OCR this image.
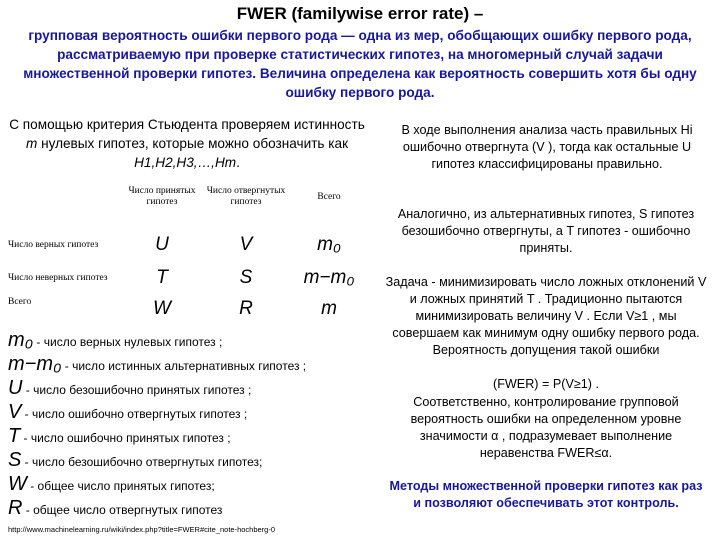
FWER (familywise error rate) –
групповая вероятность ошибки первого рода — одна из мер, обобщающих ошибку первого рода, рассматриваемую при проверке статистических гипотез, на многомерный случай задачи множественной проверки гипотез. Величина определена как вероятность совершить хотя бы одну ошибку первого рода.
С помощью критерия Стьюдента проверяем истинность m нулевых гипотез, которые можно обозначить как H1,H2,H3,…,Hm.
	Число принятых гипотез	Число отвергнутых гипотез	Всего
Число верных гипотез	U	V	m₀
Число неверных гипотез	T	S	m−m₀
Всего	W	R	m
m₀ - число верных нулевых гипотез ;
m−m₀ - число истинных альтернативных гипотез ;
U - число безошибочно принятых гипотез ;
V - число ошибочно отвергнутых гипотез ;
T - число ошибочно принятых гипотез ;
S - число безошибочно отвергнутых гипотез;
W - общее число принятых гипотез;
R - общее число отвергнутых гипотез
http://www.machinelearning.ru/wiki/index.php?title=FWER#cite_note-hochberg-0
В ходе выполнения анализа часть правильных Hi ошибочно отвергнута (V ), тогда как остальные U гипотез классифицированы правильно.
Аналогично, из альтернативных гипотез, S гипотез безошибочно отвергнуты, а T гипотез - ошибочно приняты.
Задача - минимизировать число ложных отклонений V и ложных принятий T . Традиционно пытаются минимизировать величину V . Если V≥1 , мы совершаем как минимум одну ошибку первого рода. Вероятность допущения такой ошибки
(FWER) = P(V≥1) .
Соответственно, контролирование групповой вероятность ошибки на определенном уровне значимости α , подразумевает выполнение неравенства FWER≤α.
Методы множественной проверки гипотез как раз и позволяют обеспечивать этот контроль.
